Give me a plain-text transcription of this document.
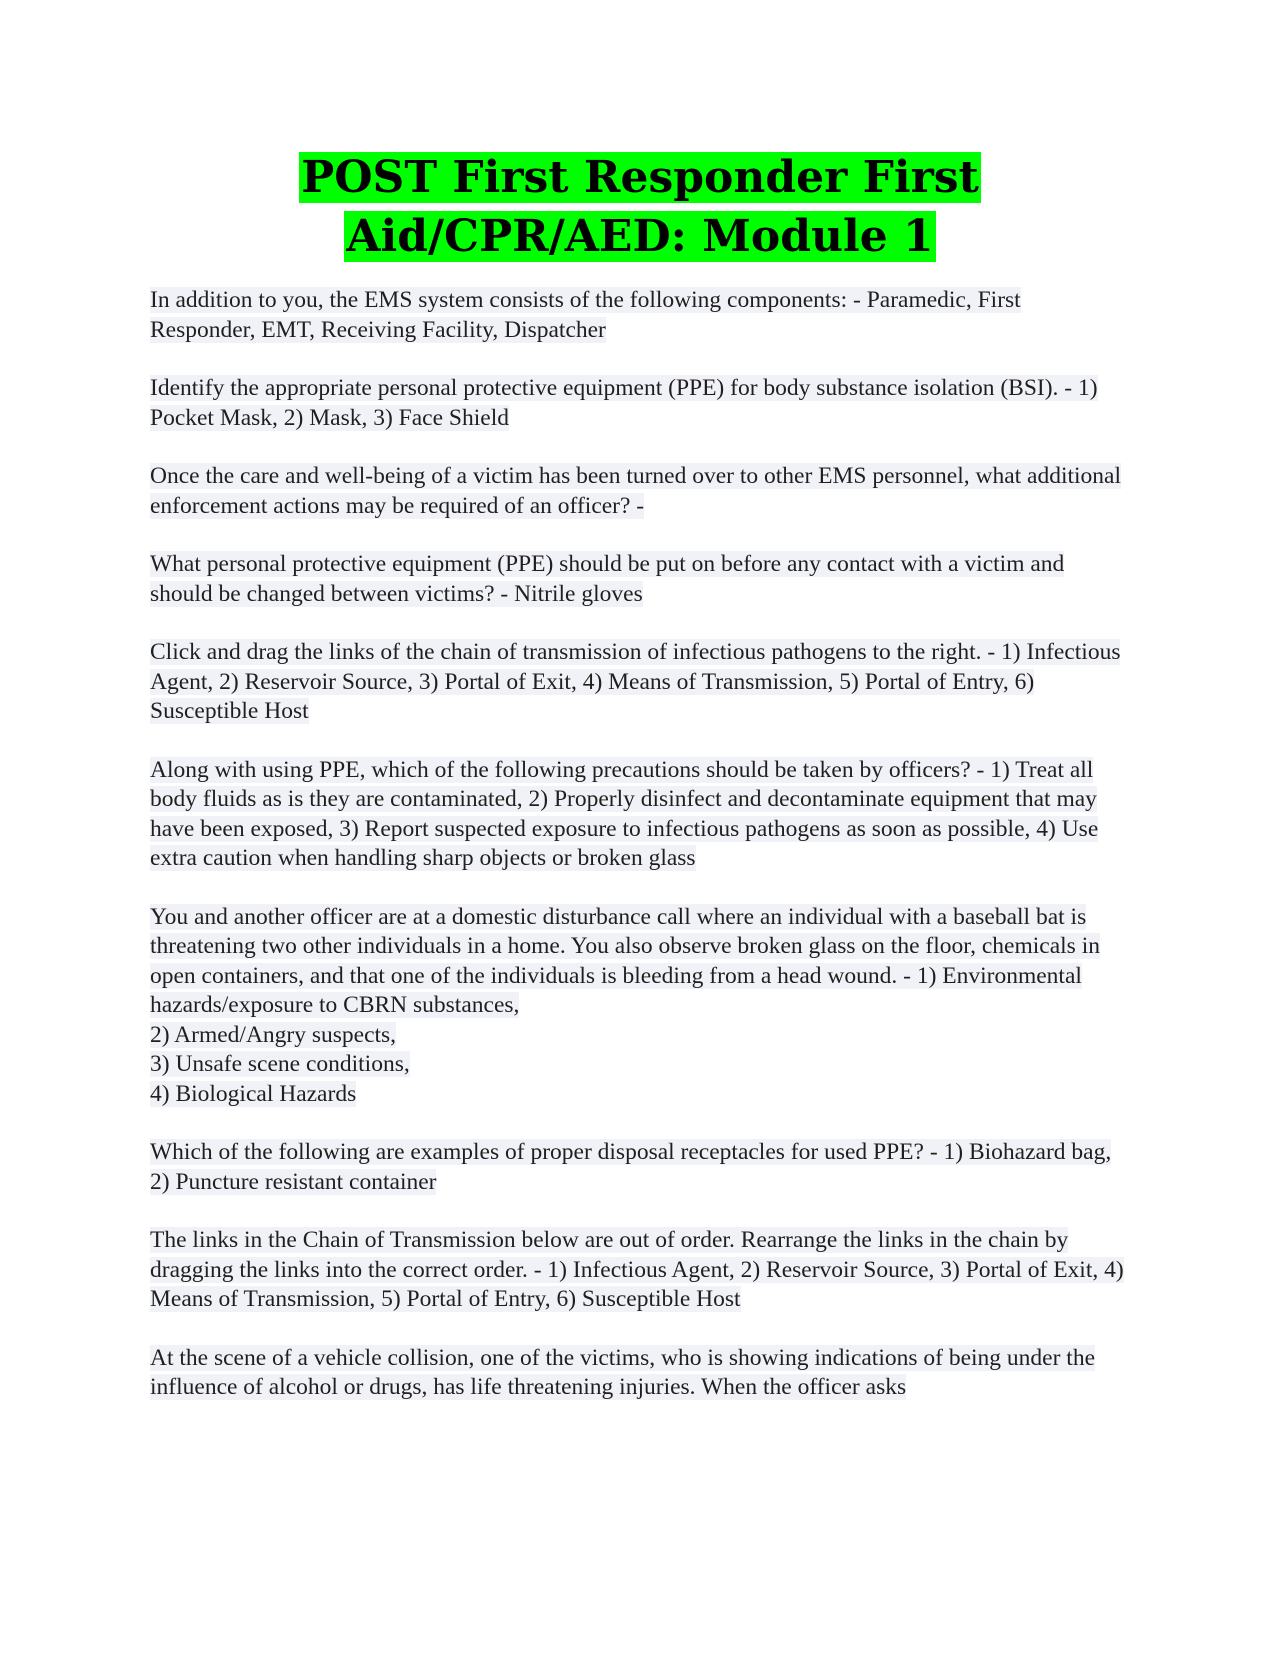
POST First Responder First Aid/CPR/AED: Module 1

In addition to you, the EMS system consists of the following components: - Paramedic, First Responder, EMT, Receiving Facility, Dispatcher

Identify the appropriate personal protective equipment (PPE) for body substance isolation (BSI). - 1) Pocket Mask, 2) Mask, 3) Face Shield

Once the care and well-being of a victim has been turned over to other EMS personnel, what additional enforcement actions may be required of an officer? -

What personal protective equipment (PPE) should be put on before any contact with a victim and should be changed between victims? - Nitrile gloves

Click and drag the links of the chain of transmission of infectious pathogens to the right. - 1) Infectious Agent, 2) Reservoir Source, 3) Portal of Exit, 4) Means of Transmission, 5) Portal of Entry, 6) Susceptible Host

Along with using PPE, which of the following precautions should be taken by officers? - 1) Treat all body fluids as is they are contaminated, 2) Properly disinfect and decontaminate equipment that may have been exposed, 3) Report suspected exposure to infectious pathogens as soon as possible, 4) Use extra caution when handling sharp objects or broken glass

You and another officer are at a domestic disturbance call where an individual with a baseball bat is threatening two other individuals in a home. You also observe broken glass on the floor, chemicals in open containers, and that one of the individuals is bleeding from a head wound. - 1) Environmental hazards/exposure to CBRN substances,
2) Armed/Angry suspects,
3) Unsafe scene conditions,
4) Biological Hazards

Which of the following are examples of proper disposal receptacles for used PPE? - 1) Biohazard bag,
2) Puncture resistant container

The links in the Chain of Transmission below are out of order. Rearrange the links in the chain by dragging the links into the correct order. - 1) Infectious Agent, 2) Reservoir Source, 3) Portal of Exit, 4) Means of Transmission, 5) Portal of Entry, 6) Susceptible Host

At the scene of a vehicle collision, one of the victims, who is showing indications of being under the influence of alcohol or drugs, has life threatening injuries. When the officer asks
